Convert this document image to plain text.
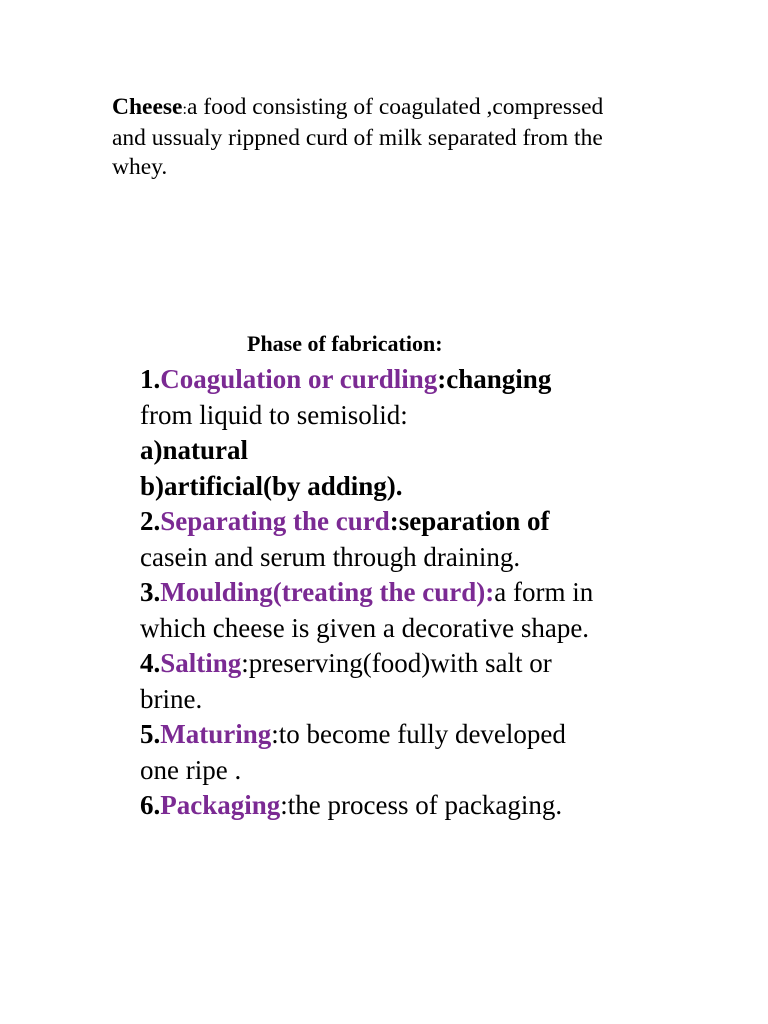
Cheese:a food consisting of coagulated ,compressed
and ussualy rippned curd of milk separated from the
whey.

Phase of fabrication:

1.Coagulation or curdling:changing
from liquid to semisolid:
a)natural
b)artificial(by adding).
2.Separating the curd:separation of
casein and serum through draining.
3.Moulding(treating the curd):a form in
which cheese is given a decorative shape.
4.Salting:preserving(food)with salt or
brine.
5.Maturing:to become fully developed
one ripe .
6.Packaging:the process of packaging.
